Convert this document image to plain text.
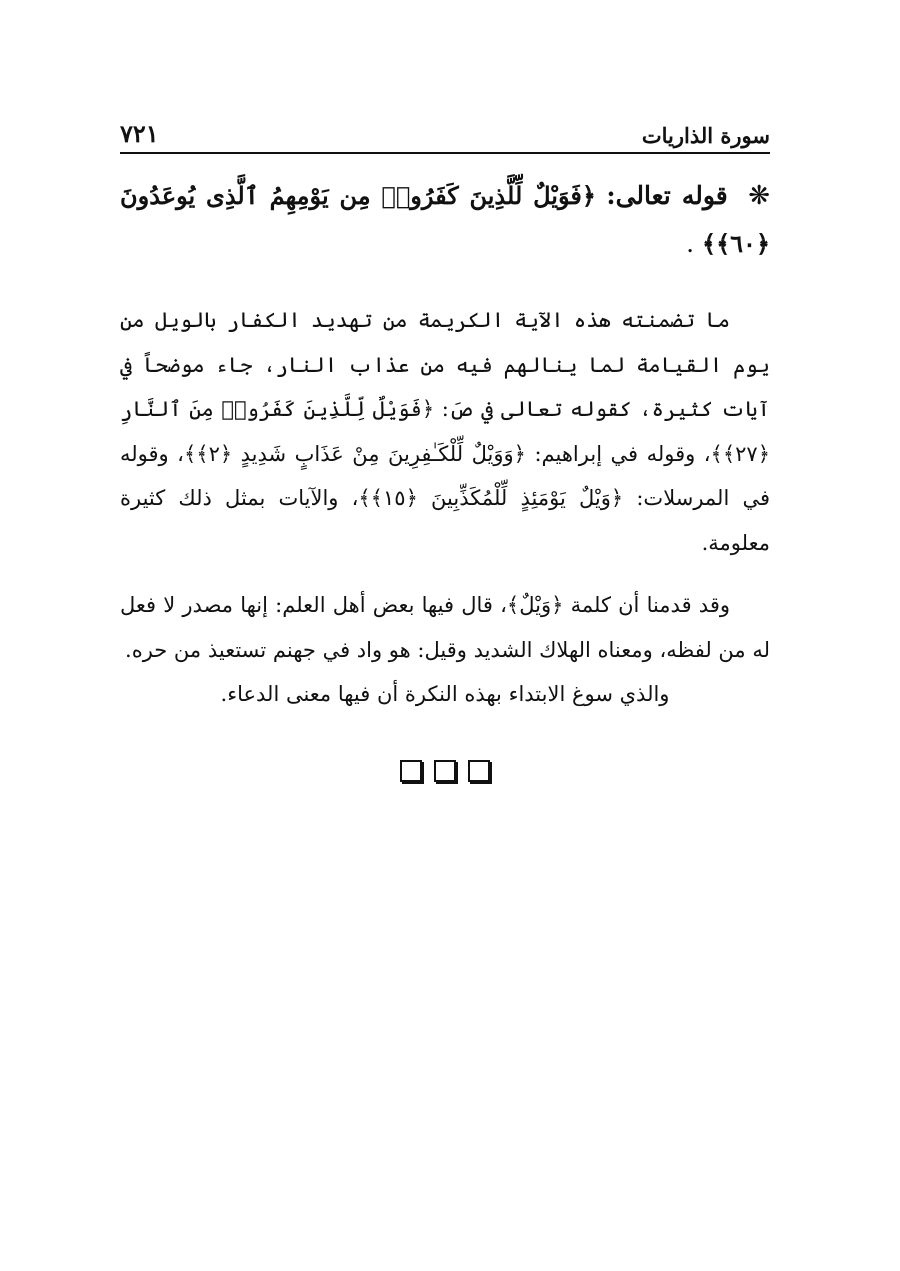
سورة الذاريات
٧٢١
❋ قوله تعالى: ﴿فَوَيْلٌ لِّلَّذِينَ كَفَرُوا۟ مِن يَوْمِهِمُ ٱلَّذِى يُوعَدُونَ ﴿٦٠﴾﴾ .

ما تضمنته هذه الآية الكريمة من تهديد الكفار بالويل من يوم القيامة لما ينالهم فيه من عذاب النار، جاء موضحاً في آيات كثيرة، كقوله تعالى في صَ: ﴿فَوَيْلٌ لِّلَّذِينَ كَفَرُوا۟ مِنَ ٱلنَّارِ ﴿٢٧﴾﴾، وقوله في إبراهيم: ﴿وَوَيْلٌ لِّلْكَـٰفِرِينَ مِنْ عَذَابٍ شَدِيدٍ ﴿٢﴾﴾، وقوله في المرسلات: ﴿وَيْلٌ يَوْمَئِذٍ لِّلْمُكَذِّبِينَ ﴿١٥﴾﴾، والآيات بمثل ذلك كثيرة معلومة.

وقد قدمنا أن كلمة ﴿وَيْلٌ﴾، قال فيها بعض أهل العلم: إنها مصدر لا فعل له من لفظه، ومعناه الهلاك الشديد وقيل: هو واد في جهنم تستعيذ من حره.

والذي سوغ الابتداء بهذه النكرة أن فيها معنى الدعاء.
